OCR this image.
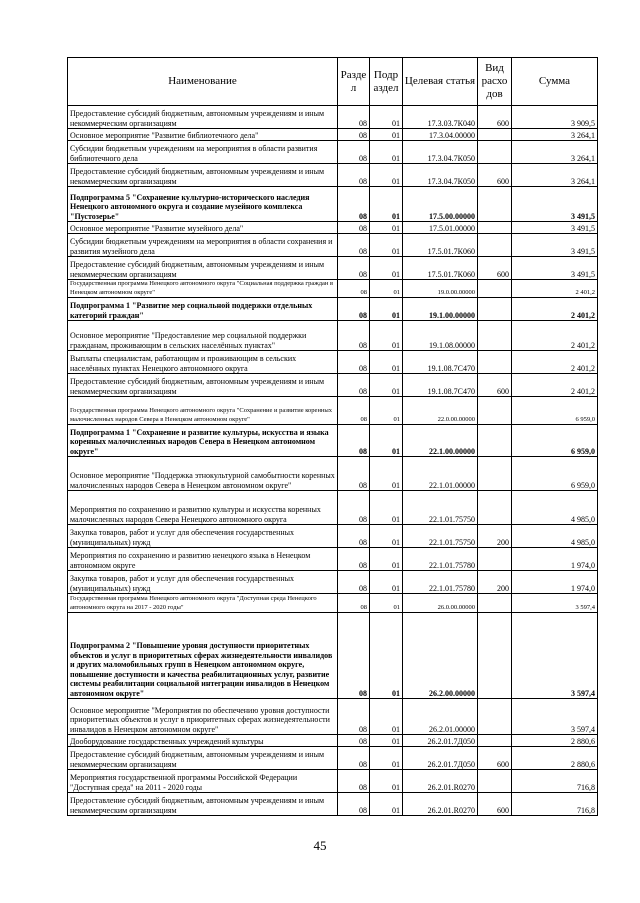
Наименование	Разде л	Подр аздел	Целевая статья	Вид расхо дов	Сумма
Предоставление субсидий бюджетным, автономным учреждениям и иным некоммерческим организациям	08	01	17.3.03.7К040	600	3 909,5
Основное мероприятие "Развитие библиотечного дела"	08	01	17.3.04.00000		3 264,1
Субсидии бюджетным учреждениям на мероприятия в области развития библиотечного дела	08	01	17.3.04.7К050		3 264,1
Предоставление субсидий бюджетным, автономным учреждениям и иным некоммерческим организациям	08	01	17.3.04.7К050	600	3 264,1
Подпрограмма 5 "Сохранение культурно-исторического наследия Ненецкого автономного округа и создание музейного комплекса "Пустозерье"	08	01	17.5.00.00000		3 491,5
Основное мероприятие "Развитие музейного дела"	08	01	17.5.01.00000		3 491,5
Субсидии бюджетным учреждениям на мероприятия в области сохранения и развития музейного дела	08	01	17.5.01.7К060		3 491,5
Предоставление субсидий бюджетным, автономным учреждениям и иным некоммерческим организациям	08	01	17.5.01.7К060	600	3 491,5
Государственная программа Ненецкого автономного округа "Социальная поддержка граждан в Ненецком автономном округе"	08	01	19.0.00.00000		2 401,2
Подпрограмма 1 "Развитие мер социальной поддержки отдельных категорий граждан"	08	01	19.1.00.00000		2 401,2
Основное мероприятие "Предоставление мер социальной поддержки гражданам, проживающим в сельских населённых пунктах"	08	01	19.1.08.00000		2 401,2
Выплаты специалистам, работающим и проживающим в сельских населённых пунктах Ненецкого автономного округа	08	01	19.1.08.7С470		2 401,2
Предоставление субсидий бюджетным, автономным учреждениям и иным некоммерческим организациям	08	01	19.1.08.7С470	600	2 401,2
Государственная программа Ненецкого автономного округа "Сохранение и развитие коренных малочисленных народов Севера в Ненецком автономном округе"	08	01	22.0.00.00000		6 959,0
Подпрограмма 1 "Сохранение и развитие культуры, искусства и языка коренных малочисленных народов Севера в Ненецком автономном округе"	08	01	22.1.00.00000		6 959,0
Основное мероприятие "Поддержка этнокультурной самобытности коренных малочисленных народов Севера в Ненецком автономном округе"	08	01	22.1.01.00000		6 959,0
Мероприятия по сохранению и развитию культуры и искусства коренных малочисленных народов Севера Ненецкого автономного округа	08	01	22.1.01.75750		4 985,0
Закупка товаров, работ и услуг для обеспечения государственных (муниципальных) нужд	08	01	22.1.01.75750	200	4 985,0
Мероприятия по сохранению и развитию ненецкого языка в Ненецком автономном округе	08	01	22.1.01.75780		1 974,0
Закупка товаров, работ и услуг для обеспечения государственных (муниципальных) нужд	08	01	22.1.01.75780	200	1 974,0
Государственная программа Ненецкого автономного округа "Доступная среда Ненецкого автономного округа на 2017 - 2020 годы"	08	01	26.0.00.00000		3 597,4
Подпрограмма 2 "Повышение уровня доступности приоритетных объектов и услуг в приоритетных сферах жизнедеятельности инвалидов и других маломобильных групп в Ненецком автономном округе, повышение доступности и качества реабилитационных услуг, развитие системы реабилитации социальной интеграции инвалидов в Ненецком автономном округе"	08	01	26.2.00.00000		3 597,4
Основное мероприятие "Мероприятия по обеспечению уровня доступности приоритетных объектов и услуг в приоритетных сферах жизнедеятельности инвалидов в Ненецком автономном округе"	08	01	26.2.01.00000		3 597,4
Дооборудование государственных учреждений культуры	08	01	26.2.01.7Д050		2 880,6
Предоставление субсидий бюджетным, автономным учреждениям и иным некоммерческим организациям	08	01	26.2.01.7Д050	600	2 880,6
Мероприятия государственной программы Российской Федерации "Доступная среда" на 2011 - 2020 годы	08	01	26.2.01.R0270		716,8
Предоставление субсидий бюджетным, автономным учреждениям и иным некоммерческим организациям	08	01	26.2.01.R0270	600	716,8
45
